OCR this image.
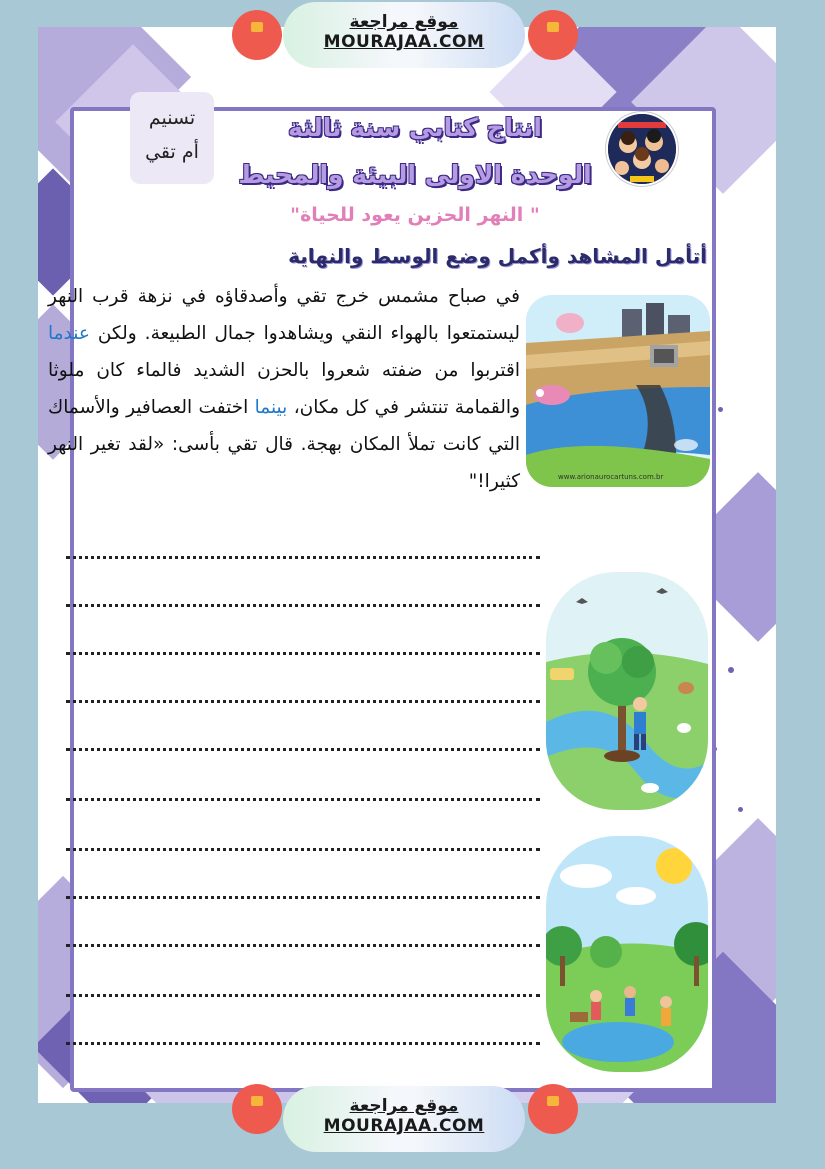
موقع مراجعة
MOURAJAA.COM
تسنيم
أم تقي
انتاج كتابي سنة ثالثة
الوحدة الاولى البيئة والمحيط
"النهر الحزين يعود للحياة "
أتأمل المشاهد وأكمل وضع الوسط والنهاية
في صباح مشمس خرج تقي وأصدقاؤه في نزهة قرب النهر ليستمتعوا بالهواء النقي ويشاهدوا جمال الطبيعة. ولكن عندما اقتربوا من ضفته شعروا بالحزن الشديد فالماء كان ملوثا والقمامة تنتشر في كل مكان، بينما اختفت العصافير والأسماك التي كانت تملأ المكان بهجة. قال تقي بأسى: «لقد تغير النهر كثيرا!"	www.arionaurocartuns.com.br
موقع مراجعة
MOURAJAA.COM
